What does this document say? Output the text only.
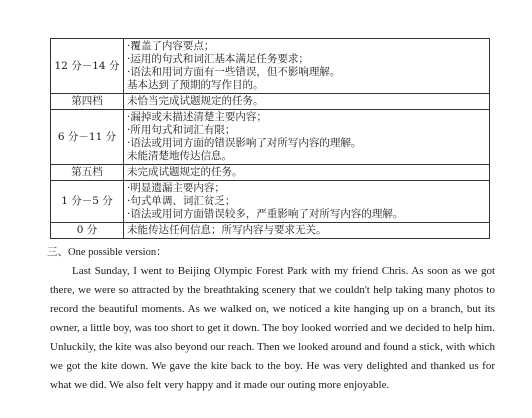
12 分－14 分	·覆盖了内容要点；
·运用的句式和词汇基本满足任务要求；
·语法和用词方面有一些错误，但不影响理解。
基本达到了预期的写作目的。

第四档	未恰当完成试题规定的任务。

6 分－11 分	·漏掉或未描述清楚主要内容；
·所用句式和词汇有限；
·语法或用词方面的错误影响了对所写内容的理解。
未能清楚地传达信息。

第五档	未完成试题规定的任务。

1 分－5 分	·明显遗漏主要内容；
·句式单调、词汇贫乏；
·语法或用词方面错误较多，严重影响了对所写内容的理解。

0 分	未能传达任何信息；所写内容与要求无关。
三、One possible version：

Last Sunday, I went to Beijing Olympic Forest Park with my friend Chris. As soon as we got there, we were so attracted by the breathtaking scenery that we couldn't help taking many photos to record the beautiful moments. As we walked on, we noticed a kite hanging up on a branch, but its owner, a little boy, was too short to get it down. The boy looked worried and we decided to help him. Unluckily, the kite was also beyond our reach. Then we looked around and found a stick, with which we got the kite down. We gave the kite back to the boy. He was very delighted and thanked us for what we did. We also felt very happy and it made our outing more enjoyable.
